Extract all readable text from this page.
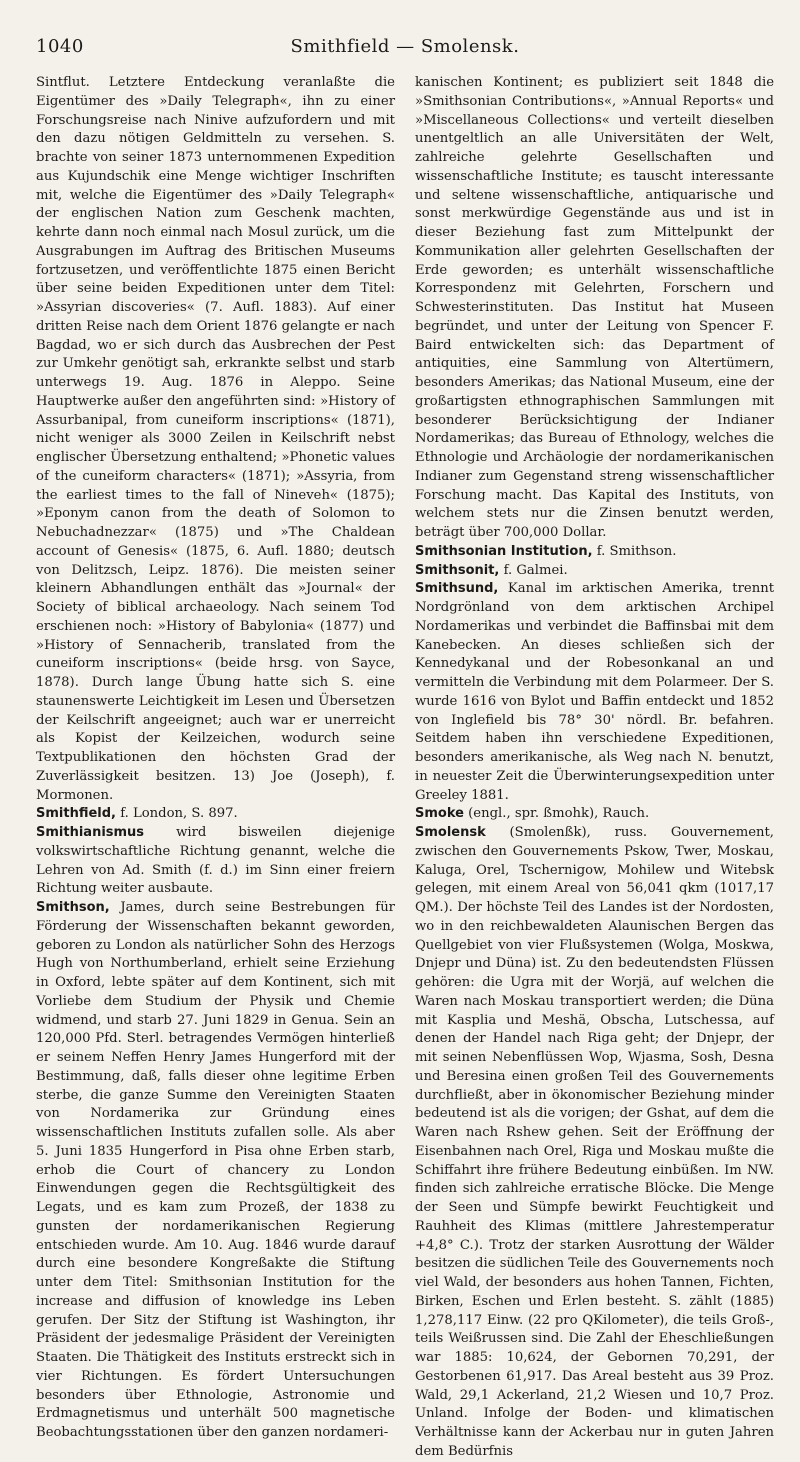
1040	Smithfield — Smolensk.

Sintflut. Letztere Entdeckung veranlaßte die Eigentümer des »Daily Telegraph«, ihn zu einer Forschungsreise nach Ninive aufzufordern und mit den dazu nötigen Geldmitteln zu versehen. S. brachte von seiner 1873 unternommenen Expedition aus Kujundschik eine Menge wichtiger Inschriften mit, welche die Eigentümer des »Daily Telegraph« der englischen Nation zum Geschenk machten, kehrte dann noch einmal nach Mosul zurück, um die Ausgrabungen im Auftrag des Britischen Museums fortzusetzen, und veröffentlichte 1875 einen Bericht über seine beiden Expeditionen unter dem Titel: »Assyrian discoveries« (7. Aufl. 1883). Auf einer dritten Reise nach dem Orient 1876 gelangte er nach Bagdad, wo er sich durch das Ausbrechen der Pest zur Umkehr genötigt sah, erkrankte selbst und starb unterwegs 19. Aug. 1876 in Aleppo. Seine Hauptwerke außer den angeführten sind: »History of Assurbanipal, from cuneiform inscriptions« (1871), nicht weniger als 3000 Zeilen in Keilschrift nebst englischer Übersetzung enthaltend; »Phonetic values of the cuneiform characters« (1871); »Assyria, from the earliest times to the fall of Nineveh« (1875); »Eponym canon from the death of Solomon to Nebuchadnezzar« (1875) und »The Chaldean account of Genesis« (1875, 6. Aufl. 1880; deutsch von Delitzsch, Leipz. 1876). Die meisten seiner kleinern Abhandlungen enthält das »Journal« der Society of biblical archaeology. Nach seinem Tod erschienen noch: »History of Babylonia« (1877) und »History of Sennacherib, translated from the cuneiform inscriptions« (beide hrsg. von Sayce, 1878). Durch lange Übung hatte sich S. eine staunenswerte Leichtigkeit im Lesen und Übersetzen der Keilschrift angeeignet; auch war er unerreicht als Kopist der Keilzeichen, wodurch seine Textpublikationen den höchsten Grad der Zuverlässigkeit besitzen. 13) Joe (Joseph), f. Mormonen.

Smithfield, f. London, S. 897.

Smithianismus wird bisweilen diejenige volkswirtschaftliche Richtung genannt, welche die Lehren von Ad. Smith (f. d.) im Sinn einer freiern Richtung weiter ausbaute.

Smithson, James, durch seine Bestrebungen für Förderung der Wissenschaften bekannt geworden, geboren zu London als natürlicher Sohn des Herzogs Hugh von Northumberland, erhielt seine Erziehung in Oxford, lebte später auf dem Kontinent, sich mit Vorliebe dem Studium der Physik und Chemie widmend, und starb 27. Juni 1829 in Genua. Sein an 120,000 Pfd. Sterl. betragendes Vermögen hinterließ er seinem Neffen Henry James Hungerford mit der Bestimmung, daß, falls dieser ohne legitime Erben sterbe, die ganze Summe den Vereinigten Staaten von Nordamerika zur Gründung eines wissenschaftlichen Instituts zufallen solle. Als aber 5. Juni 1835 Hungerford in Pisa ohne Erben starb, erhob die Court of chancery zu London Einwendungen gegen die Rechtsgültigkeit des Legats, und es kam zum Prozeß, der 1838 zu gunsten der nordamerikanischen Regierung entschieden wurde. Am 10. Aug. 1846 wurde darauf durch eine besondere Kongreßakte die Stiftung unter dem Titel: Smithsonian Institution for the increase and diffusion of knowledge ins Leben gerufen. Der Sitz der Stiftung ist Washington, ihr Präsident der jedesmalige Präsident der Vereinigten Staaten. Die Thätigkeit des Instituts erstreckt sich in vier Richtungen. Es fördert Untersuchungen besonders über Ethnologie, Astronomie und Erdmagnetismus und unterhält 500 magnetische Beobachtungsstationen über den ganzen nordameri-

kanischen Kontinent; es publiziert seit 1848 die »Smithsonian Contributions«, »Annual Reports« und »Miscellaneous Collections« und verteilt dieselben unentgeltlich an alle Universitäten der Welt, zahlreiche gelehrte Gesellschaften und wissenschaftliche Institute; es tauscht interessante und seltene wissenschaftliche, antiquarische und sonst merkwürdige Gegenstände aus und ist in dieser Beziehung fast zum Mittelpunkt der Kommunikation aller gelehrten Gesellschaften der Erde geworden; es unterhält wissenschaftliche Korrespondenz mit Gelehrten, Forschern und Schwesterinstituten. Das Institut hat Museen begründet, und unter der Leitung von Spencer F. Baird entwickelten sich: das Department of antiquities, eine Sammlung von Altertümern, besonders Amerikas; das National Museum, eine der großartigsten ethnographischen Sammlungen mit besonderer Berücksichtigung der Indianer Nordamerikas; das Bureau of Ethnology, welches die Ethnologie und Archäologie der nordamerikanischen Indianer zum Gegenstand streng wissenschaftlicher Forschung macht. Das Kapital des Instituts, von welchem stets nur die Zinsen benutzt werden, beträgt über 700,000 Dollar.

Smithsonian Institution, f. Smithson.

Smithsonit, f. Galmei.

Smithsund, Kanal im arktischen Amerika, trennt Nordgrönland von dem arktischen Archipel Nordamerikas und verbindet die Baffinsbai mit dem Kanebecken. An dieses schließen sich der Kennedykanal und der Robesonkanal an und vermitteln die Verbindung mit dem Polarmeer. Der S. wurde 1616 von Bylot und Baffin entdeckt und 1852 von Inglefield bis 78° 30' nördl. Br. befahren. Seitdem haben ihn verschiedene Expeditionen, besonders amerikanische, als Weg nach N. benutzt, in neuester Zeit die Überwinterungsexpedition unter Greeley 1881.

Smoke (engl., spr. ßmohk), Rauch.

Smolensk (Smolenßk), russ. Gouvernement, zwischen den Gouvernements Pskow, Twer, Moskau, Kaluga, Orel, Tschernigow, Mohilew und Witebsk gelegen, mit einem Areal von 56,041 qkm (1017,17 QM.). Der höchste Teil des Landes ist der Nordosten, wo in den reichbewaldeten Alaunischen Bergen das Quellgebiet von vier Flußsystemen (Wolga, Moskwa, Dnjepr und Düna) ist. Zu den bedeutendsten Flüssen gehören: die Ugra mit der Worjä, auf welchen die Waren nach Moskau transportiert werden; die Düna mit Kasplia und Meshä, Obscha, Lutschessa, auf denen der Handel nach Riga geht; der Dnjepr, der mit seinen Nebenflüssen Wop, Wjasma, Sosh, Desna und Beresina einen großen Teil des Gouvernements durchfließt, aber in ökonomischer Beziehung minder bedeutend ist als die vorigen; der Gshat, auf dem die Waren nach Rshew gehen. Seit der Eröffnung der Eisenbahnen nach Orel, Riga und Moskau mußte die Schiffahrt ihre frühere Bedeutung einbüßen. Im NW. finden sich zahlreiche erratische Blöcke. Die Menge der Seen und Sümpfe bewirkt Feuchtigkeit und Rauhheit des Klimas (mittlere Jahrestemperatur +4,8° C.). Trotz der starken Ausrottung der Wälder besitzen die südlichen Teile des Gouvernements noch viel Wald, der besonders aus hohen Tannen, Fichten, Birken, Eschen und Erlen besteht. S. zählt (1885) 1,278,117 Einw. (22 pro QKilometer), die teils Groß-, teils Weißrussen sind. Die Zahl der Eheschließungen war 1885: 10,624, der Gebornen 70,291, der Gestorbenen 61,917. Das Areal besteht aus 39 Proz. Wald, 29,1 Ackerland, 21,2 Wiesen und 10,7 Proz. Unland. Infolge der Boden- und klimatischen Verhältnisse kann der Ackerbau nur in guten Jahren dem Bedürfnis
